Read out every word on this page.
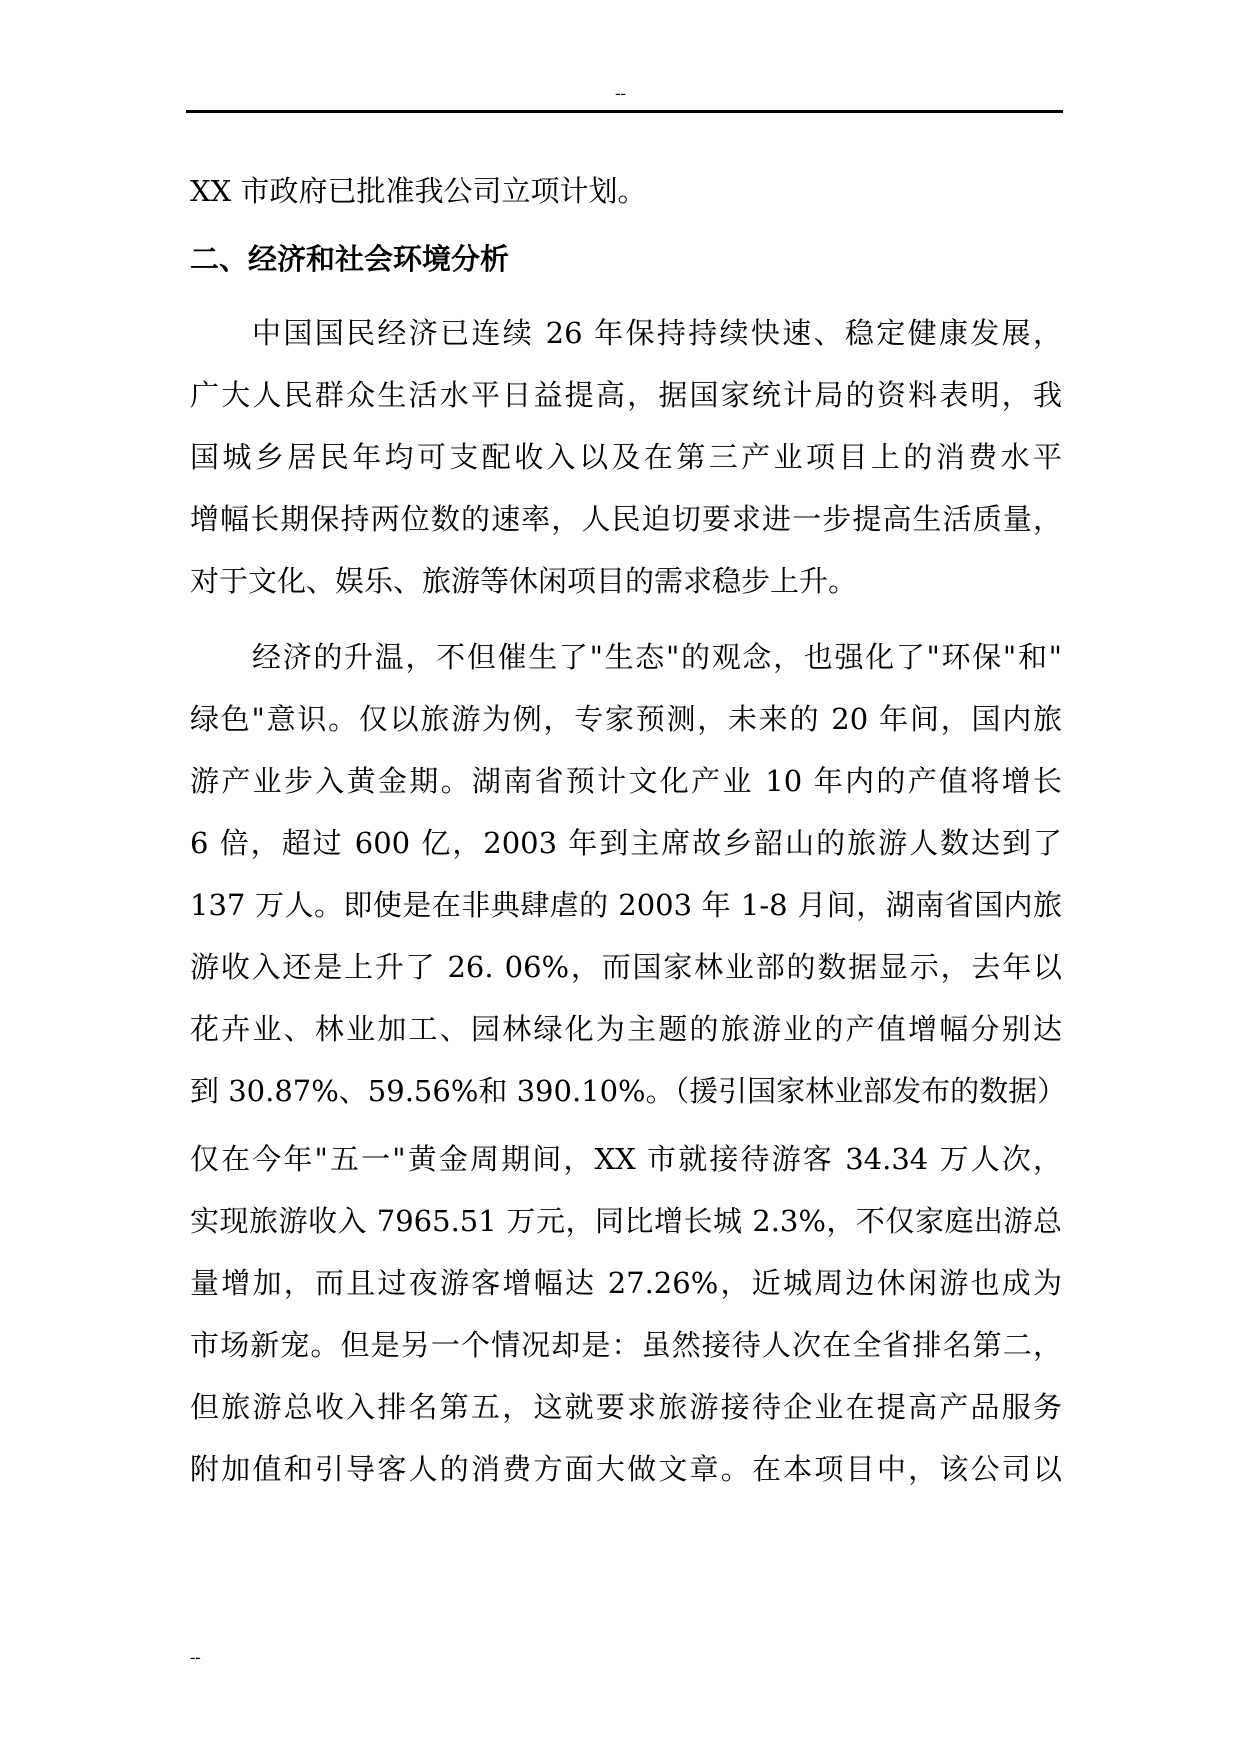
--

XX 市政府已批准我公司立项计划。

二、经济和社会环境分析

中国国民经济已连续 26 年保持持续快速、稳定健康发展，

广大人民群众生活水平日益提高，据国家统计局的资料表明，我

国城乡居民年均可支配收入以及在第三产业项目上的消费水平

增幅长期保持两位数的速率，人民迫切要求进一步提高生活质量，

对于文化、娱乐、旅游等休闲项目的需求稳步上升。

经济的升温，不但催生了"生态"的观念，也强化了"环保"和"

绿色"意识。仅以旅游为例，专家预测，未来的 20 年间，国内旅

游产业步入黄金期。湖南省预计文化产业 10 年内的产值将增长

6 倍，超过 600 亿，2003 年到主席故乡韶山的旅游人数达到了

137 万人。即使是在非典肆虐的 2003 年 1-8 月间，湖南省国内旅

游收入还是上升了 26. 06%，而国家林业部的数据显示，去年以

花卉业、林业加工、园林绿化为主题的旅游业的产值增幅分别达

到 30.87%、59.56%和 390.10%。（援引国家林业部发布的数据）

仅在今年"五一"黄金周期间，XX 市就接待游客 34.34 万人次，

实现旅游收入 7965.51 万元，同比增长城 2.3%，不仅家庭出游总

量增加，而且过夜游客增幅达 27.26%，近城周边休闲游也成为

市场新宠。但是另一个情况却是：虽然接待人次在全省排名第二，

但旅游总收入排名第五，这就要求旅游接待企业在提高产品服务

附加值和引导客人的消费方面大做文章。在本项目中，该公司以

--
